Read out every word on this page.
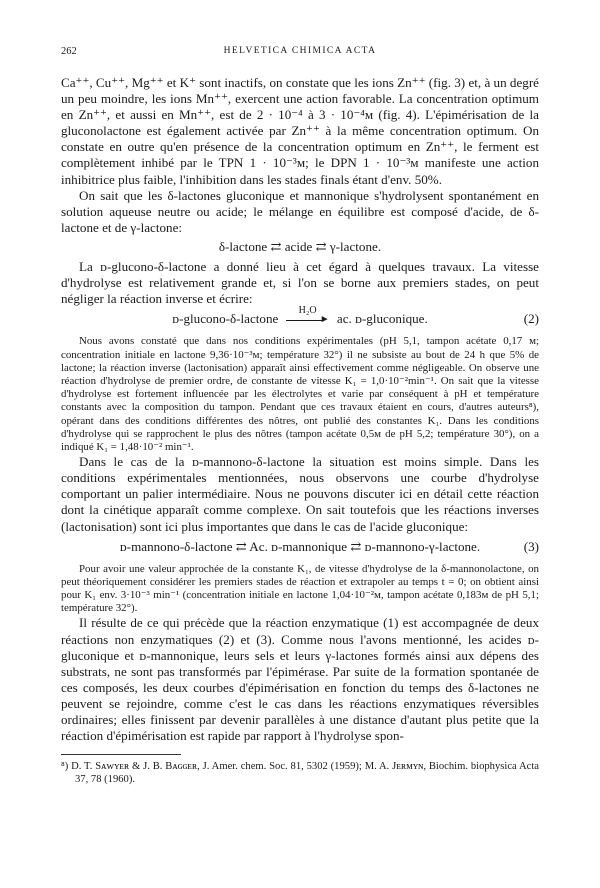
262	HELVETICA CHIMICA ACTA

Ca⁺⁺, Cu⁺⁺, Mg⁺⁺ et K⁺ sont inactifs, on constate que les ions Zn⁺⁺ (fig. 3) et, à un degré un peu moindre, les ions Mn⁺⁺, exercent une action favorable. La concentration optimum en Zn⁺⁺, et aussi en Mn⁺⁺, est de 2 · 10⁻⁴ à 3 · 10⁻⁴ᴍ (fig. 4). L'épimérisation de la gluconolactone est également activée par Zn⁺⁺ à la même concentration optimum. On constate en outre qu'en présence de la concentration optimum en Zn⁺⁺, le ferment est complètement inhibé par le TPN 1 · 10⁻³ᴍ; le DPN 1 · 10⁻³ᴍ manifeste une action inhibitrice plus faible, l'inhibition dans les stades finals étant d'env. 50%.

On sait que les δ-lactones gluconique et mannonique s'hydrolysent spontanément en solution aqueuse neutre ou acide; le mélange en équilibre est composé d'acide, de δ-lactone et de γ-lactone:

δ-lactone ⇄ acide ⇄ γ-lactone.

La ᴅ-glucono-δ-lactone a donné lieu à cet égard à quelques travaux. La vitesse d'hydrolyse est relativement grande et, si l'on se borne aux premiers stades, on peut négliger la réaction inverse et écrire:

ᴅ-glucono-δ-lactone
H₂O
► ac. ᴅ-gluconique.	(2)

Nous avons constaté que dans nos conditions expérimentales (pH 5,1, tampon acétate 0,17 ᴍ; concentration initiale en lactone 9,36·10⁻³ᴍ; température 32°) il ne subsiste au bout de 24 h que 5% de lactone; la réaction inverse (lactonisation) apparaît ainsi effectivement comme négligeable. On observe une réaction d'hydrolyse de premier ordre, de constante de vitesse K₁ = 1,0·10⁻²min⁻¹. On sait que la vitesse d'hydrolyse est fortement influencée par les électrolytes et varie par conséquent à pH et température constants avec la composition du tampon. Pendant que ces travaux étaient en cours, d'autres auteurs⁸), opérant dans des conditions différentes des nôtres, ont publié des constantes K₁. Dans les conditions d'hydrolyse qui se rapprochent le plus des nôtres (tampon acétate 0,5ᴍ de pH 5,2; température 30°), on a indiqué K₁ = 1,48·10⁻² min⁻¹.

Dans le cas de la ᴅ-mannono-δ-lactone la situation est moins simple. Dans les conditions expérimentales mentionnées, nous observons une courbe d'hydrolyse comportant un palier intermédiaire. Nous ne pouvons discuter ici en détail cette réaction dont la cinétique apparaît comme complexe. On sait toutefois que les réactions inverses (lactonisation) sont ici plus importantes que dans le cas de l'acide gluconique:

ᴅ-mannono-δ-lactone ⇄ Ac. ᴅ-mannonique ⇄ ᴅ-mannono-γ-lactone.	(3)

Pour avoir une valeur approchée de la constante K₁, de vitesse d'hydrolyse de la δ-mannonolactone, on peut théoriquement considérer les premiers stades de réaction et extrapoler au temps t = 0; on obtient ainsi pour K₁ env. 3·10⁻³ min⁻¹ (concentration initiale en lactone 1,04·10⁻²ᴍ, tampon acétate 0,183ᴍ de pH 5,1; température 32°).

Il résulte de ce qui précède que la réaction enzymatique (1) est accompagnée de deux réactions non enzymatiques (2) et (3). Comme nous l'avons mentionné, les acides ᴅ-gluconique et ᴅ-mannonique, leurs sels et leurs γ-lactones formés ainsi aux dépens des substrats, ne sont pas transformés par l'épimérase. Par suite de la formation spontanée de ces composés, les deux courbes d'épimérisation en fonction du temps des δ-lactones ne peuvent se rejoindre, comme c'est le cas dans les réactions enzymatiques réversibles ordinaires; elles finissent par devenir parallèles à une distance d'autant plus petite que la réaction d'épimérisation est rapide par rapport à l'hydrolyse spon-

⁸) D. T. Sᴀᴡʏᴇʀ & J. B. Bᴀɢɢᴇʀ, J. Amer. chem. Soc. 81, 5302 (1959); M. A. Jᴇʀᴍʏɴ, Biochim. biophysica Acta 37, 78 (1960).
